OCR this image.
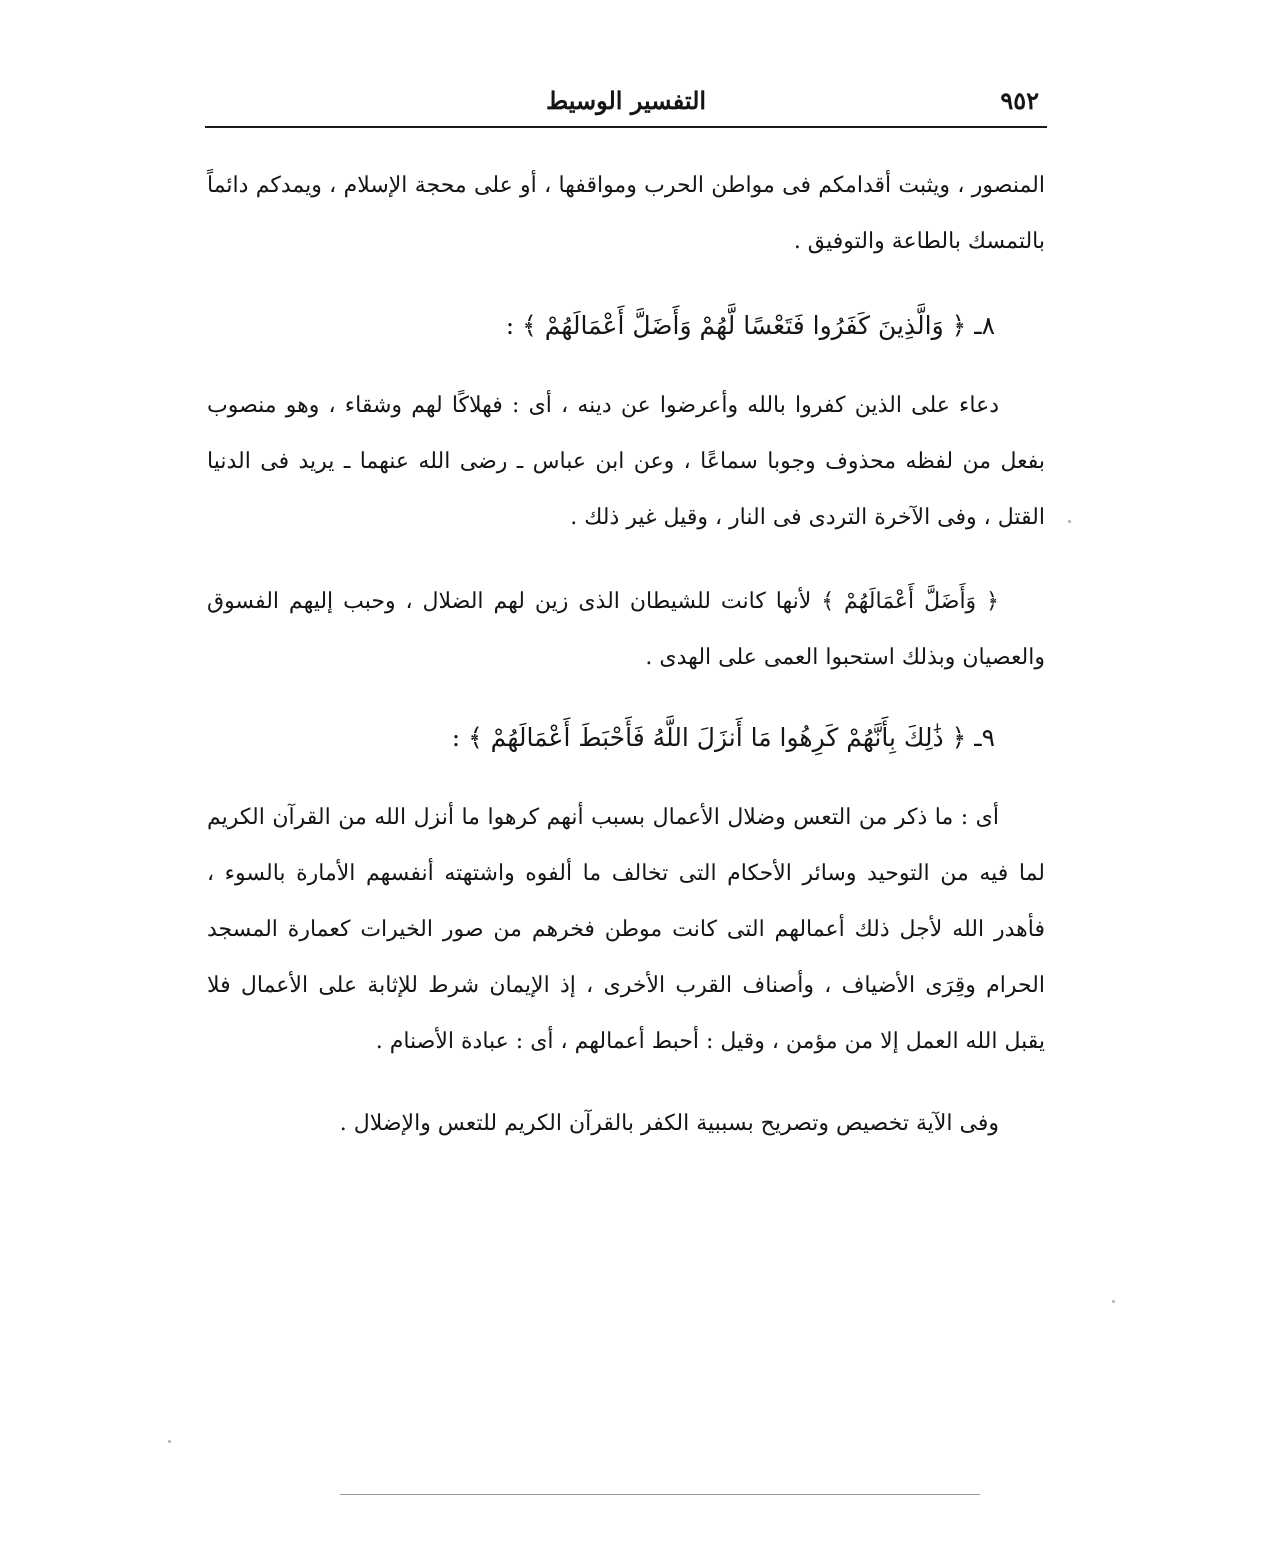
٩٥٢
التفسير الوسيط

المنصور ، ويثبت أقدامكم فى مواطن الحرب ومواقفها ، أو على محجة الإسلام ، ويمدكم دائماً بالتمسك بالطاعة والتوفيق .

٨ـ ﴿ وَالَّذِينَ كَفَرُوا فَتَعْسًا لَّهُمْ وَأَضَلَّ أَعْمَالَهُمْ ﴾ :

دعاء على الذين كفروا بالله وأعرضوا عن دينه ، أى : فهلاكًا لهم وشقاء ، وهو منصوب بفعل من لفظه محذوف وجوبا سماعًا ، وعن ابن عباس ـ رضى الله عنهما ـ يريد فى الدنيا القتل ، وفى الآخرة التردى فى النار ، وقيل غير ذلك .

﴿ وَأَضَلَّ أَعْمَالَهُمْ ﴾ لأنها كانت للشيطان الذى زين لهم الضلال ، وحبب إليهم الفسوق والعصيان وبذلك استحبوا العمى على الهدى .

٩ـ ﴿ ذَٰلِكَ بِأَنَّهُمْ كَرِهُوا مَا أَنزَلَ اللَّهُ فَأَحْبَطَ أَعْمَالَهُمْ ﴾ :

أى : ما ذكر من التعس وضلال الأعمال بسبب أنهم كرهوا ما أنزل الله من القرآن الكريم لما فيه من التوحيد وسائر الأحكام التى تخالف ما ألفوه واشتهته أنفسهم الأمارة بالسوء ، فأهدر الله لأجل ذلك أعمالهم التى كانت موطن فخرهم من صور الخيرات كعمارة المسجد الحرام وقِرَى الأضياف ، وأصناف القرب الأخرى ، إذ الإيمان شرط للإثابة على الأعمال فلا يقبل الله العمل إلا من مؤمن ، وقيل : أحبط أعمالهم ، أى : عبادة الأصنام .

وفى الآية تخصيص وتصريح بسببية الكفر بالقرآن الكريم للتعس والإضلال .
